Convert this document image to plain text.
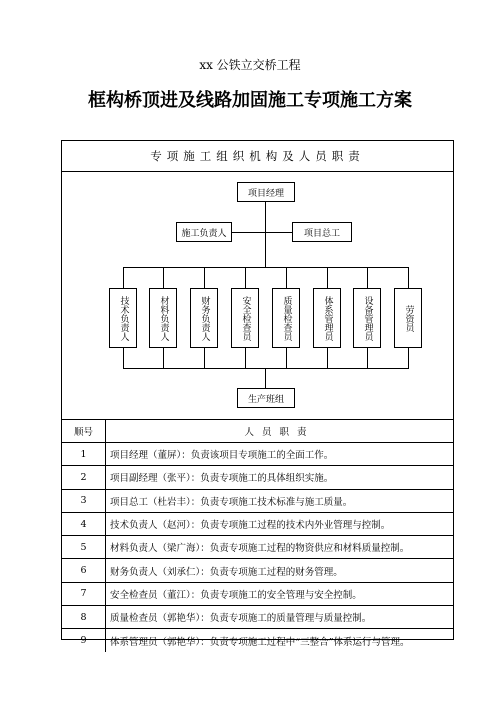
xx 公铁立交桥工程
框构桥顶进及线路加固施工专项施工方案
专项施工组织机构及人员职责
项目经理
施工负责人	项目总工
技术负责人	材料负责人	财务负责人	安全检查员	质量检查员	体系管理员	设备管理员	劳资员
生产班组
顺号	人员职责
1	项目经理（董屏）：负责该项目专项施工的全面工作。
2	项目副经理（张平）：负责专项施工的具体组织实施。
3	项目总工（杜岩丰）：负责专项施工技术标准与施工质量。
4	技术负责人（赵河）：负责专项施工过程的技术内外业管理与控制。
5	材料负责人（梁广海）：负责专项施工过程的物资供应和材料质量控制。
6	财务负责人（刘承仁）：负责专项施工过程的财务管理。
7	安全检查员（董江）：负责专项施工的安全管理与安全控制。
8	质量检查员（郭艳华）：负责专项施工的质量管理与质量控制。
9	体系管理员（郭艳华）：负责专项施工过程中“三整合”体系运行与管理。
